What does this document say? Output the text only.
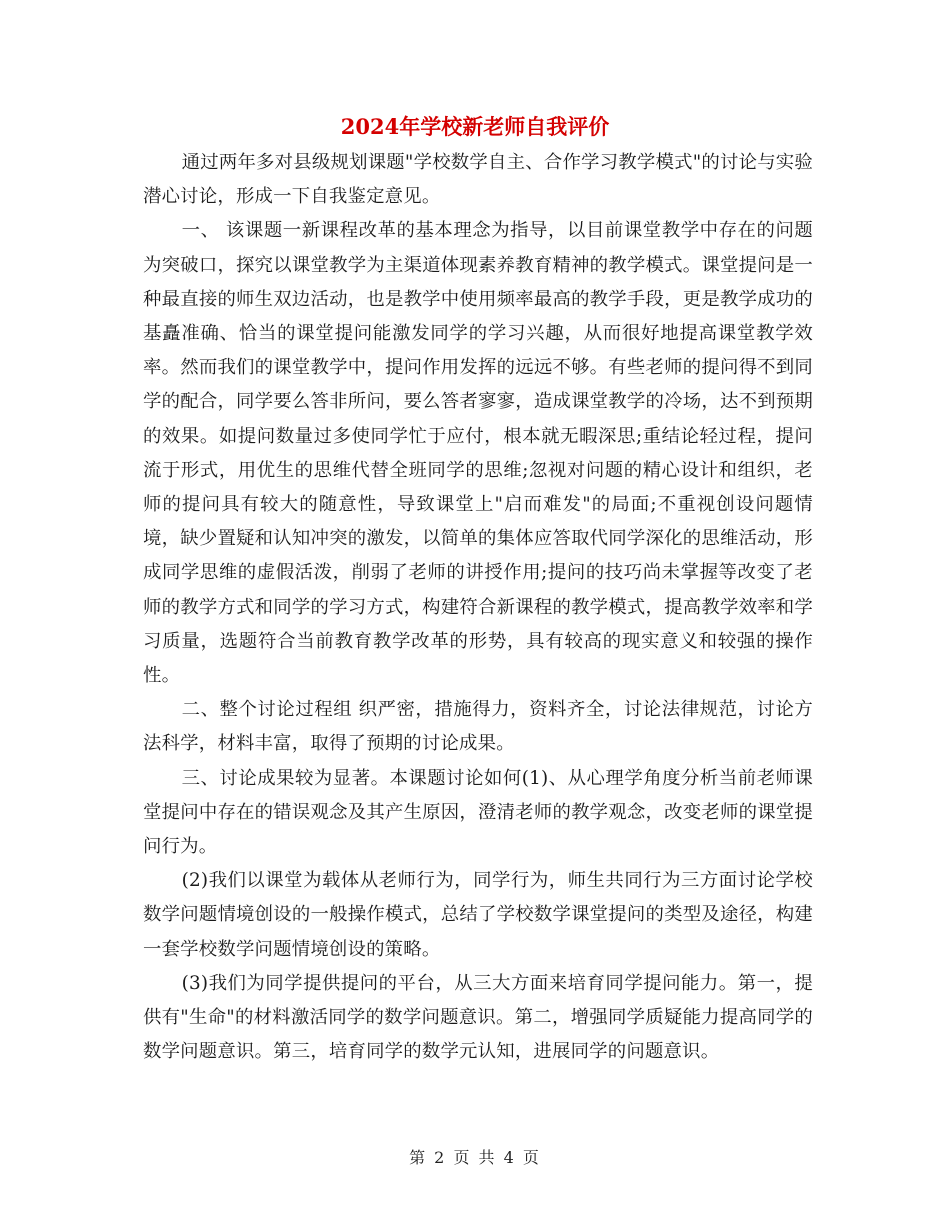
2024年学校新老师自我评价

通过两年多对县级规划课题"学校数学自主、合作学习教学模式"的讨论与实验潜心讨论，形成一下自我鉴定意见。

一、 该课题一新课程改革的基本理念为指导，以目前课堂教学中存在的问题为突破口，探究以课堂教学为主渠道体现素养教育精神的教学模式。课堂提问是一种最直接的师生双边活动，也是教学中使用频率最高的教学手段，更是教学成功的基矗准确、恰当的课堂提问能激发同学的学习兴趣，从而很好地提高课堂教学效率。然而我们的课堂教学中，提问作用发挥的远远不够。有些老师的提问得不到同学的配合，同学要么答非所问，要么答者寥寥，造成课堂教学的冷场，达不到预期的效果。如提问数量过多使同学忙于应付，根本就无暇深思;重结论轻过程，提问流于形式，用优生的思维代替全班同学的思维;忽视对问题的精心设计和组织，老师的提问具有较大的随意性，导致课堂上"启而难发"的局面;不重视创设问题情境，缺少置疑和认知冲突的激发，以简单的集体应答取代同学深化的思维活动，形成同学思维的虚假活泼，削弱了老师的讲授作用;提问的技巧尚未掌握等改变了老师的教学方式和同学的学习方式，构建符合新课程的教学模式，提高教学效率和学习质量，选题符合当前教育教学改革的形势，具有较高的现实意义和较强的操作性。

二、整个讨论过程组 织严密，措施得力，资料齐全，讨论法律规范，讨论方法科学，材料丰富，取得了预期的讨论成果。

三、讨论成果较为显著。本课题讨论如何(1)、从心理学角度分析当前老师课堂提问中存在的错误观念及其产生原因，澄清老师的教学观念，改变老师的课堂提问行为。

(2)我们以课堂为载体从老师行为，同学行为，师生共同行为三方面讨论学校数学问题情境创设的一般操作模式，总结了学校数学课堂提问的类型及途径，构建一套学校数学问题情境创设的策略。

(3)我们为同学提供提问的平台，从三大方面来培育同学提问能力。第一，提供有"生命"的材料激活同学的数学问题意识。第二，增强同学质疑能力提高同学的数学问题意识。第三，培育同学的数学元认知，进展同学的问题意识。

第 2 页 共 4 页
